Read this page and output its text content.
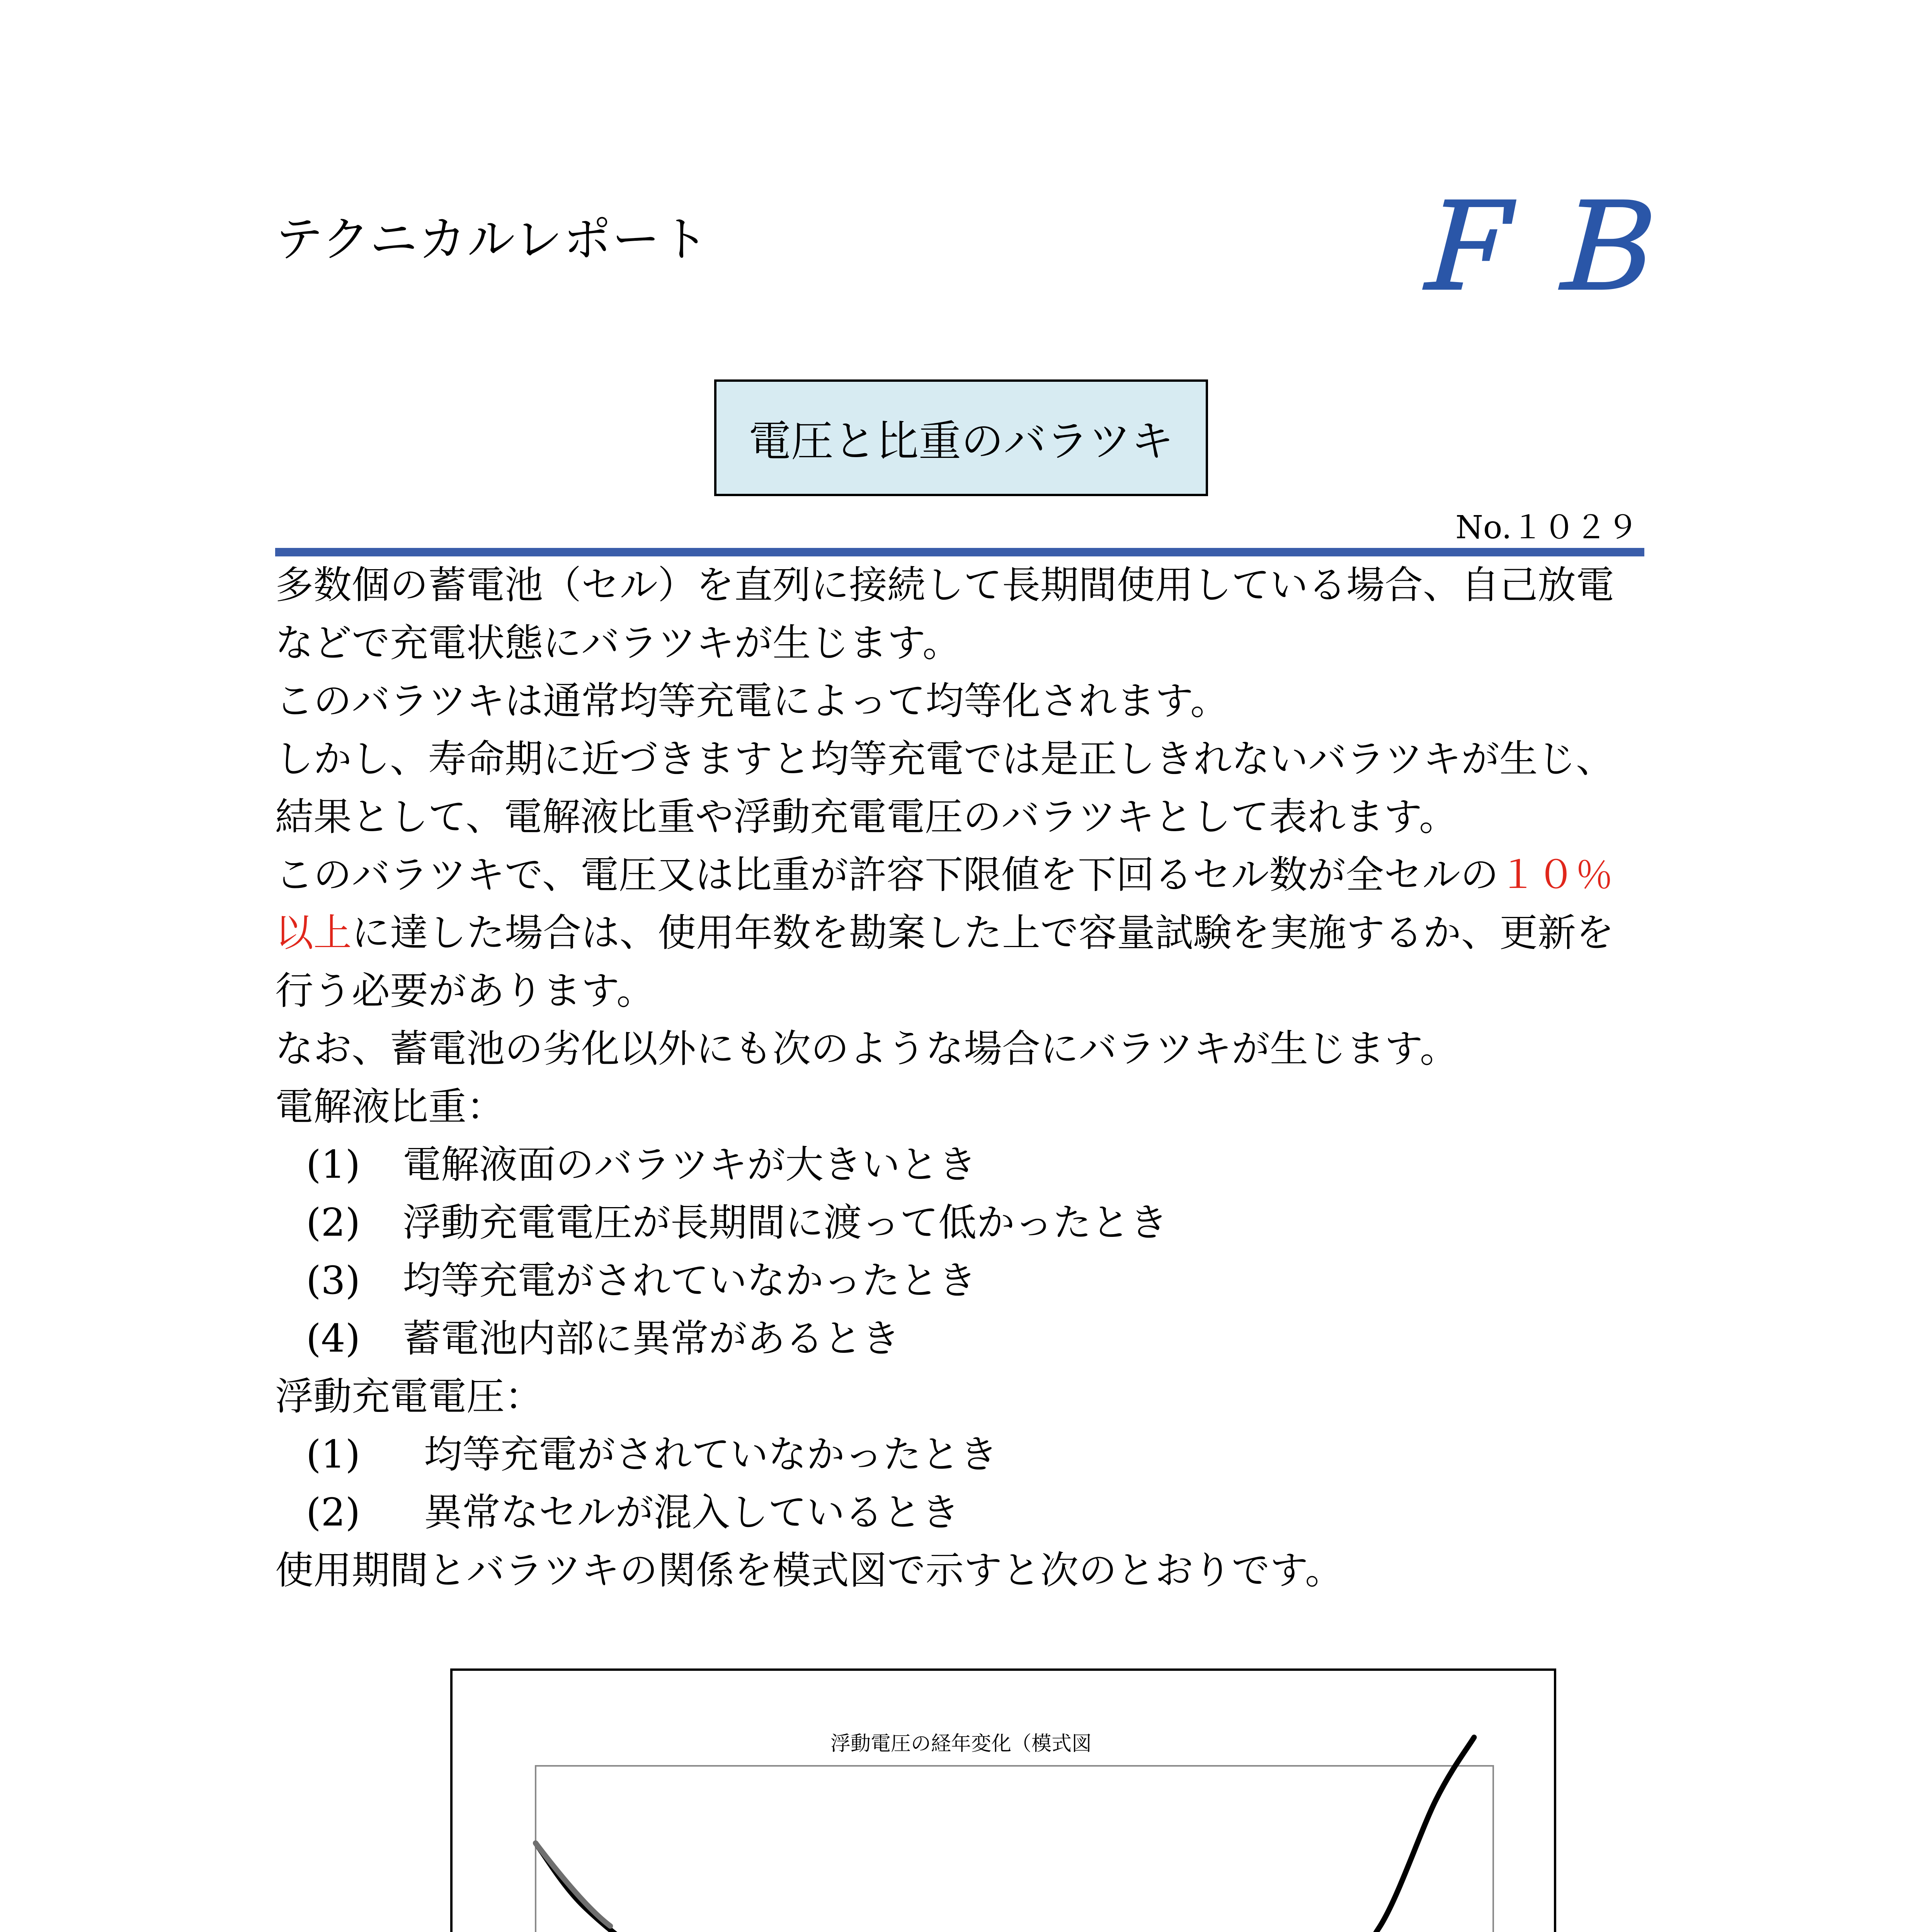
テクニカルレポート	ＦＢ
電圧と比重のバラツキ
No.１０２９
多数個の蓄電池（セル）を直列に接続して長期間使用している場合、自己放電
などで充電状態にバラツキが生じます。
このバラツキは通常均等充電によって均等化されます。
しかし、寿命期に近づきますと均等充電では是正しきれないバラツキが生じ、
結果として、電解液比重や浮動充電電圧のバラツキとして表れます。
このバラツキで、電圧又は比重が許容下限値を下回るセル数が全セルの１０％
以上に達した場合は、使用年数を勘案した上で容量試験を実施するか、更新を
行う必要があります。
なお、蓄電池の劣化以外にも次のような場合にバラツキが生じます。
電解液比重：
(1) 電解液面のバラツキが大きいとき
(2) 浮動充電電圧が長期間に渡って低かったとき
(3) 均等充電がされていなかったとき
(4) 蓄電池内部に異常があるとき
浮動充電電圧：
(1) 均等充電がされていなかったとき
(2) 異常なセルが混入しているとき
使用期間とバラツキの関係を模式図で示すと次のとおりです。
浮動電圧の経年変化（模式図
